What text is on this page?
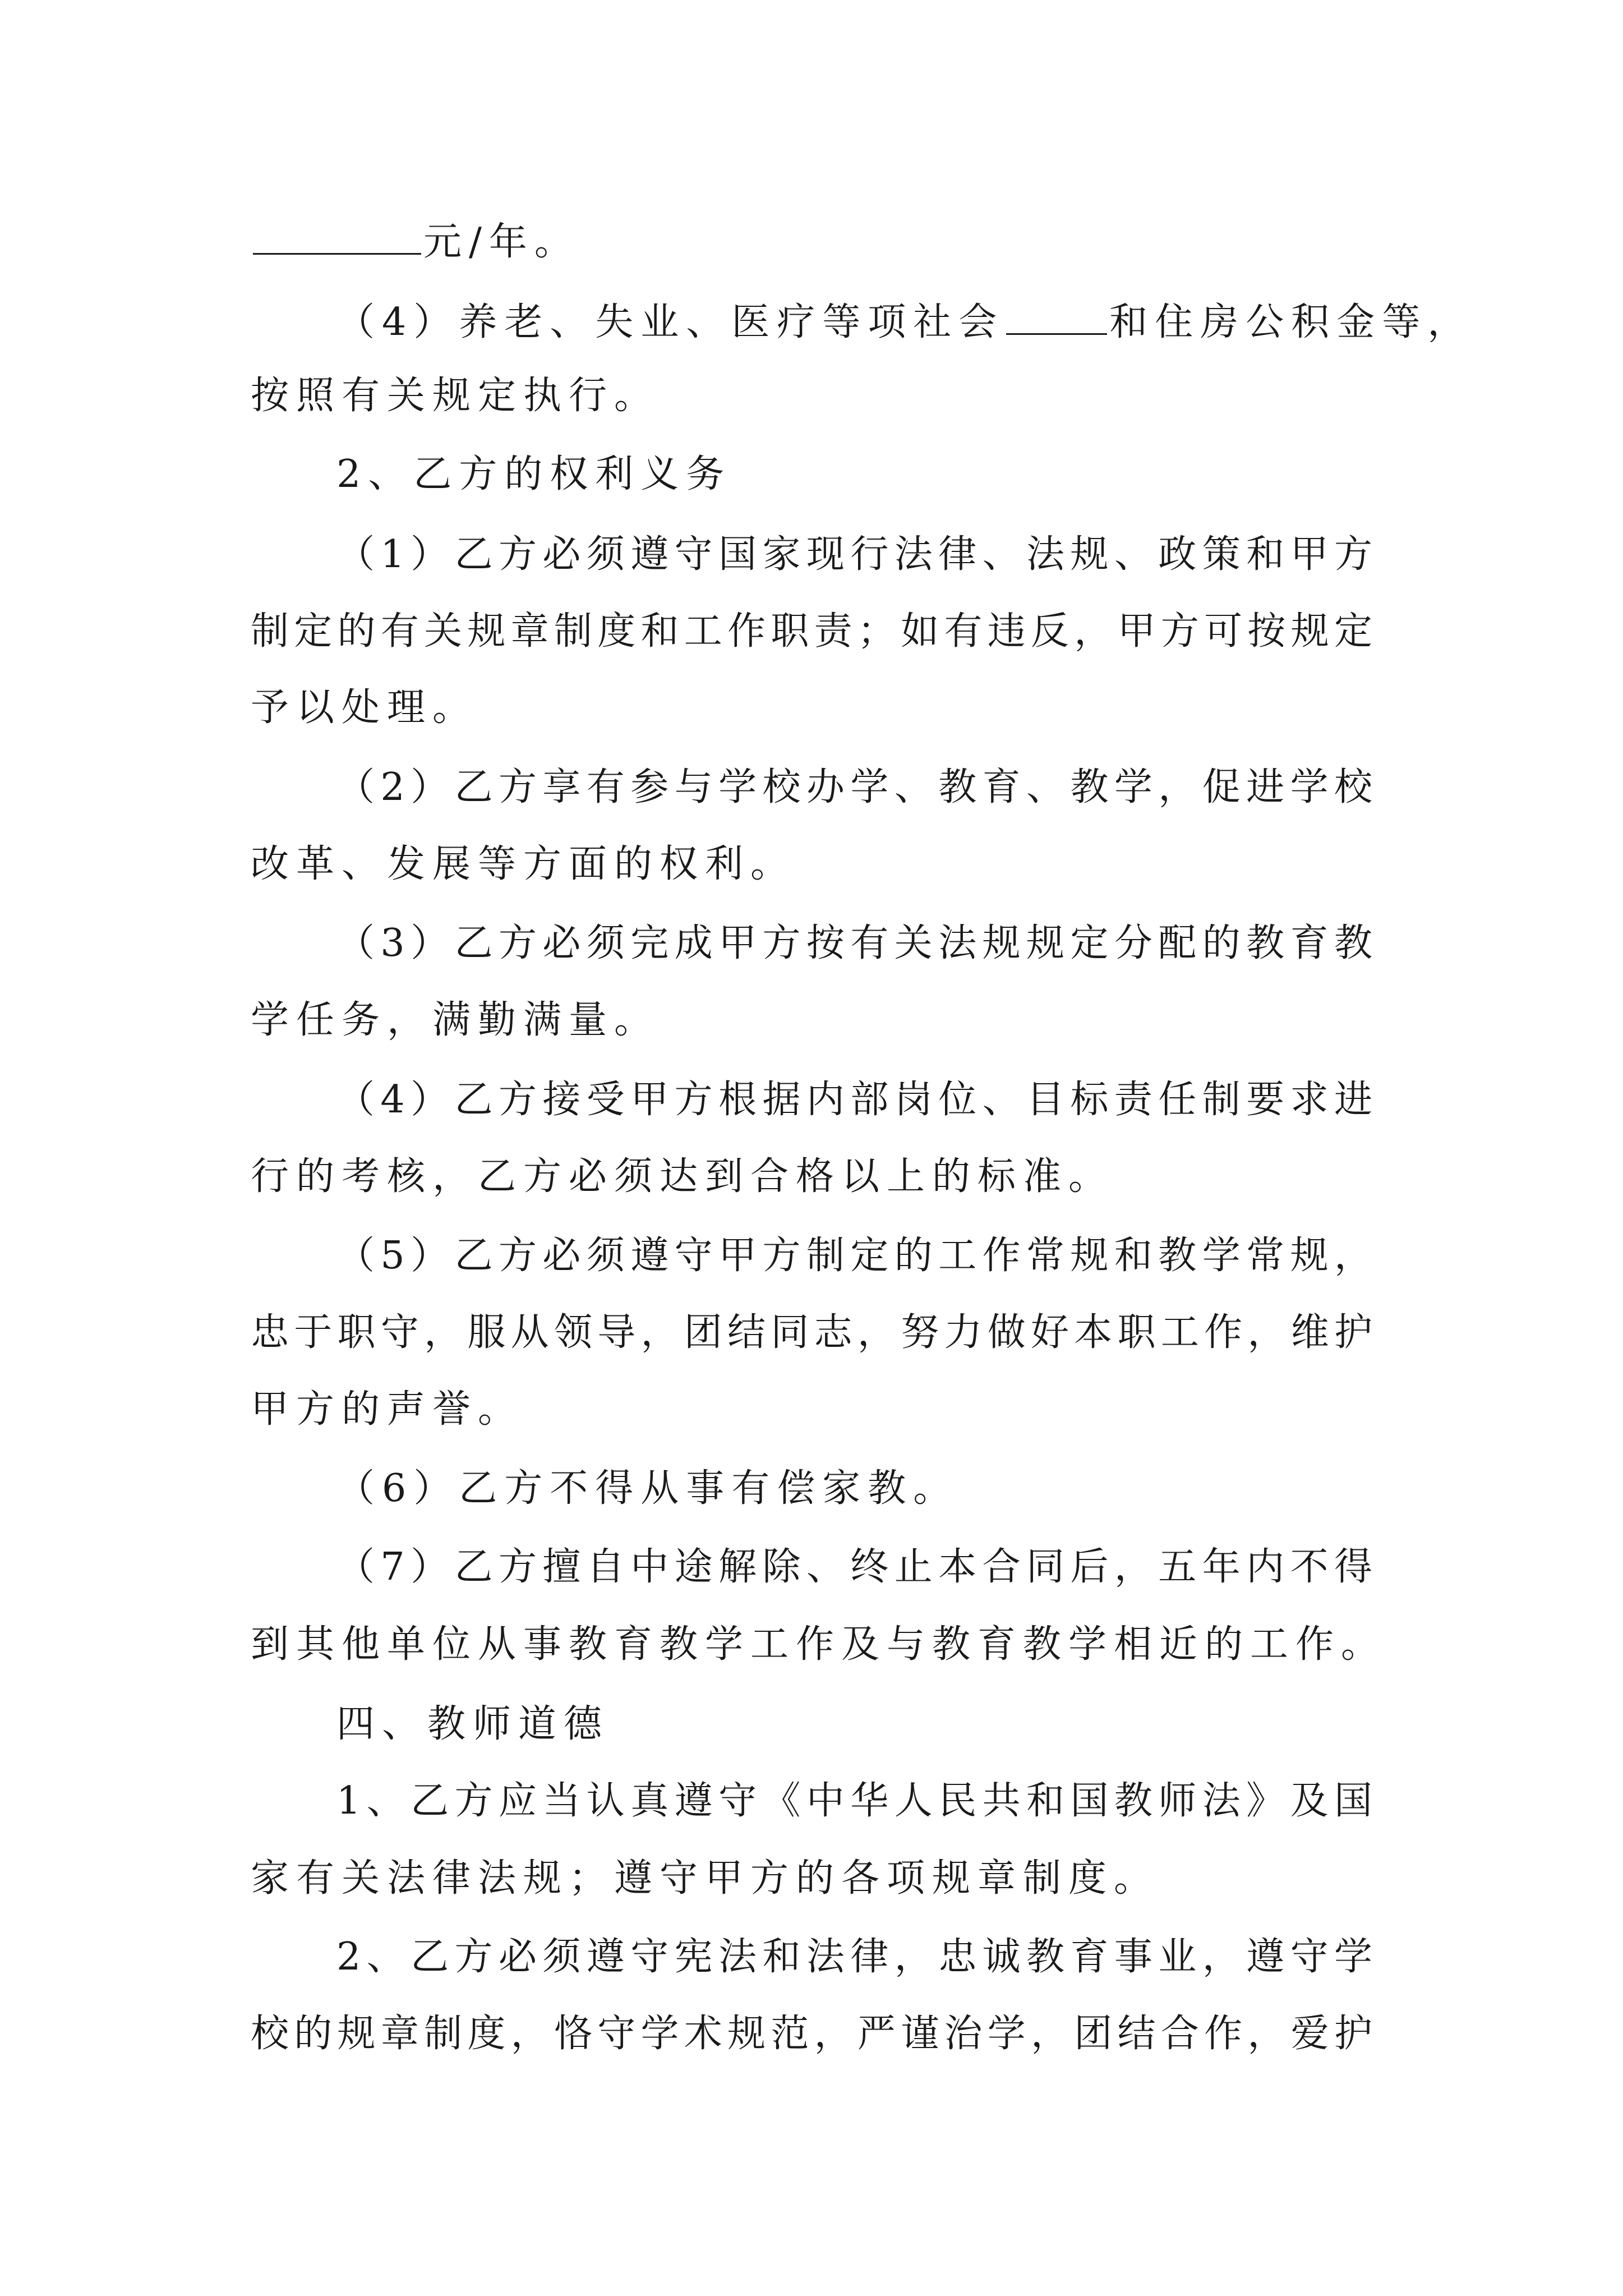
元/年。
（4）养老、失业、医疗等项社会	和住房公积金等，
按照有关规定执行。
2、乙方的权利义务
（1）乙方必须遵守国家现行法律、法规、政策和甲方
制定的有关规章制度和工作职责；如有违反，甲方可按规定
予以处理。
（2）乙方享有参与学校办学、教育、教学，促进学校
改革、发展等方面的权利。
（3）乙方必须完成甲方按有关法规规定分配的教育教
学任务，满勤满量。
（4）乙方接受甲方根据内部岗位、目标责任制要求进
行的考核，乙方必须达到合格以上的标准。
（5）乙方必须遵守甲方制定的工作常规和教学常规，
忠于职守，服从领导，团结同志，努力做好本职工作，维护
甲方的声誉。
（6）乙方不得从事有偿家教。
（7）乙方擅自中途解除、终止本合同后，五年内不得
到其他单位从事教育教学工作及与教育教学相近的工作。
四、教师道德
1、乙方应当认真遵守《中华人民共和国教师法》及国
家有关法律法规；遵守甲方的各项规章制度。
2、乙方必须遵守宪法和法律，忠诚教育事业，遵守学
校的规章制度，恪守学术规范，严谨治学，团结合作，爱护
